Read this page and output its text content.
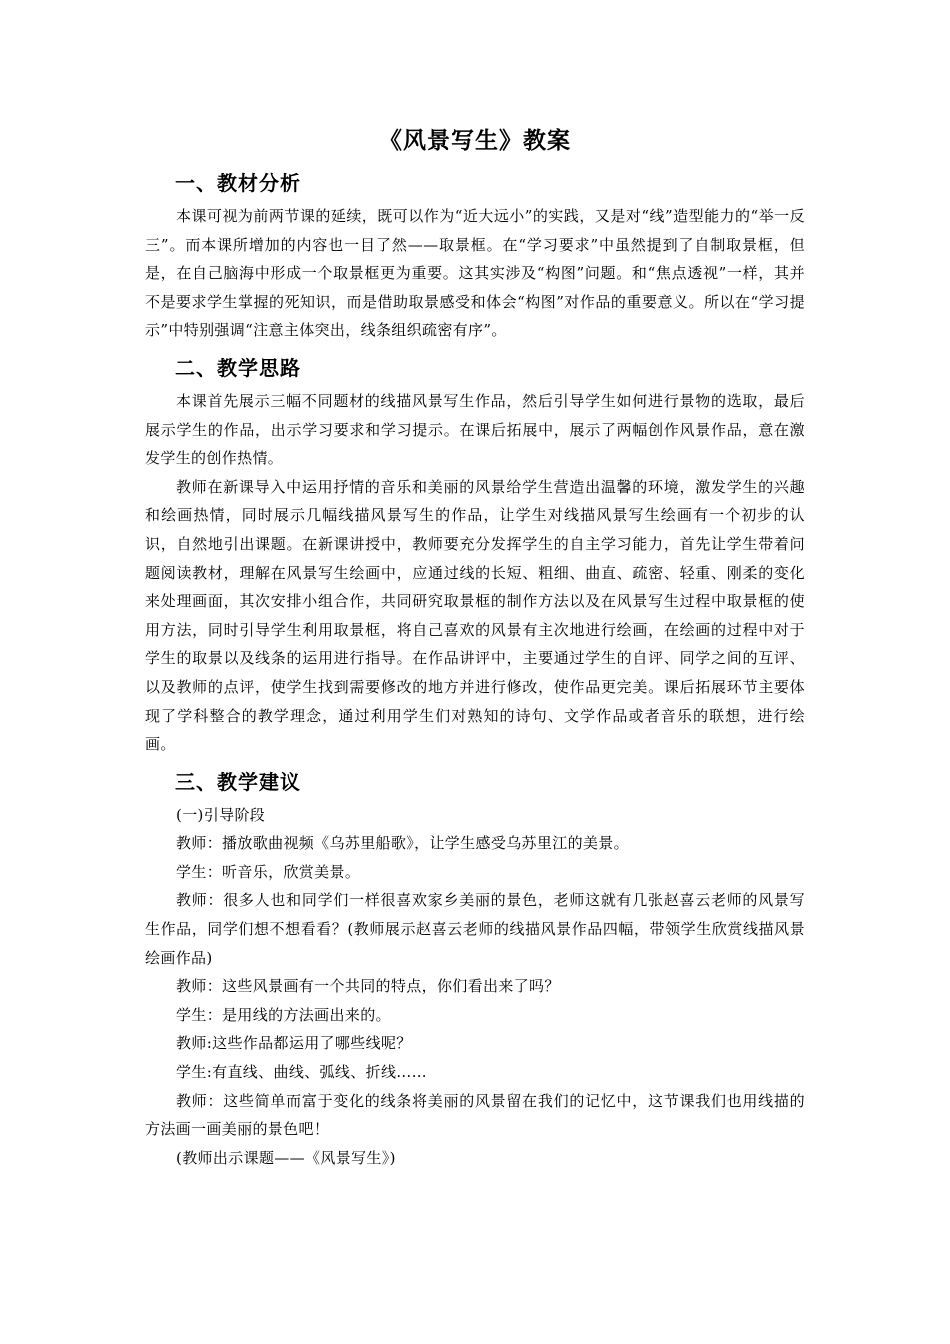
《风景写生》教案
一、教材分析

本课可视为前两节课的延续，既可以作为“近大远小”的实践，又是对“线”造型能力的“举一反三”。而本课所增加的内容也一目了然——取景框。在“学习要求”中虽然提到了自制取景框，但是，在自己脑海中形成一个取景框更为重要。这其实涉及“构图”问题。和“焦点透视”一样，其并不是要求学生掌握的死知识，而是借助取景感受和体会“构图”对作品的重要意义。所以在“学习提示”中特别强调“注意主体突出，线条组织疏密有序”。

二、教学思路

本课首先展示三幅不同题材的线描风景写生作品，然后引导学生如何进行景物的选取，最后展示学生的作品，出示学习要求和学习提示。在课后拓展中，展示了两幅创作风景作品，意在激发学生的创作热情。

教师在新课导入中运用抒情的音乐和美丽的风景给学生营造出温馨的环境，激发学生的兴趣和绘画热情，同时展示几幅线描风景写生的作品，让学生对线描风景写生绘画有一个初步的认识，自然地引出课题。在新课讲授中，教师要充分发挥学生的自主学习能力，首先让学生带着问题阅读教材，理解在风景写生绘画中，应通过线的长短、粗细、曲直、疏密、轻重、刚柔的变化来处理画面，其次安排小组合作，共同研究取景框的制作方法以及在风景写生过程中取景框的使用方法，同时引导学生利用取景框，将自己喜欢的风景有主次地进行绘画，在绘画的过程中对于学生的取景以及线条的运用进行指导。在作品讲评中，主要通过学生的自评、同学之间的互评、以及教师的点评，使学生找到需要修改的地方并进行修改，使作品更完美。课后拓展环节主要体现了学科整合的教学理念，通过利用学生们对熟知的诗句、文学作品或者音乐的联想，进行绘画。

三、教学建议

(一)引导阶段

教师：播放歌曲视频《乌苏里船歌》，让学生感受乌苏里江的美景。

学生：听音乐，欣赏美景。

教师：很多人也和同学们一样很喜欢家乡美丽的景色，老师这就有几张赵喜云老师的风景写生作品，同学们想不想看看？(教师展示赵喜云老师的线描风景作品四幅，带领学生欣赏线描风景绘画作品)

教师：这些风景画有一个共同的特点，你们看出来了吗？

学生：是用线的方法画出来的。

教师:这些作品都运用了哪些线呢？

学生:有直线、曲线、弧线、折线……

教师：这些简单而富于变化的线条将美丽的风景留在我们的记忆中，这节课我们也用线描的方法画一画美丽的景色吧！

(教师出示课题——《风景写生》)
